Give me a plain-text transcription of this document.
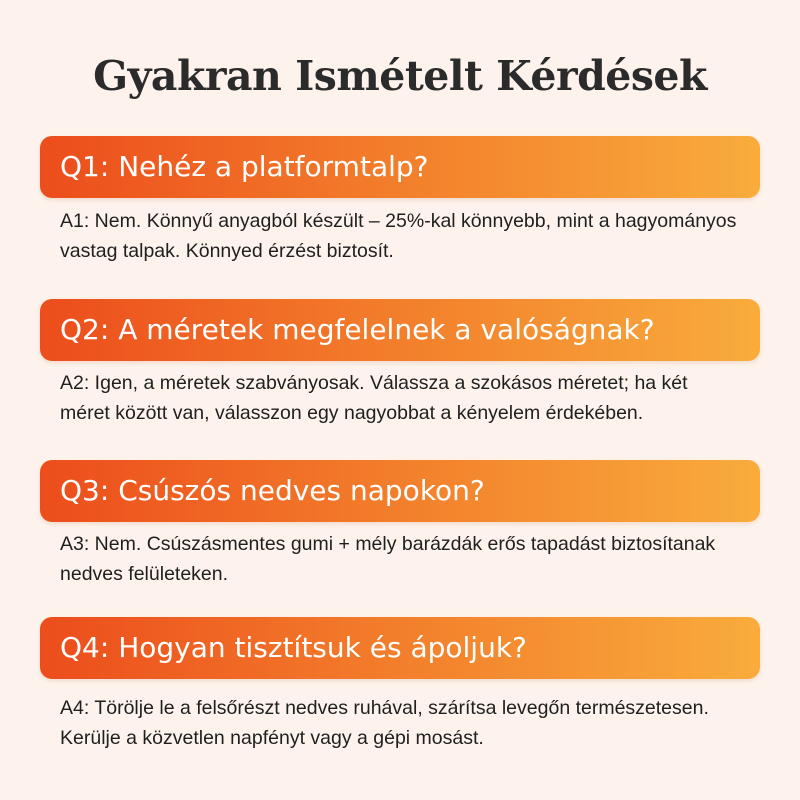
Gyakran Ismételt Kérdések
Q1: Nehéz a platformtalp?
A1: Nem. Könnyű anyagból készült – 25%-kal könnyebb, mint a hagyományos vastag talpak. Könnyed érzést biztosít.
Q2: A méretek megfelelnek a valóságnak?
A2: Igen, a méretek szabványosak. Válassza a szokásos méretet; ha két méret között van, válasszon egy nagyobbat a kényelem érdekében.
Q3: Csúszós nedves napokon?
A3: Nem. Csúszásmentes gumi + mély barázdák erős tapadást biztosítanak nedves felületeken.
Q4: Hogyan tisztítsuk és ápoljuk?
A4: Törölje le a felsőrészt nedves ruhával, szárítsa levegőn természetesen. Kerülje a közvetlen napfényt vagy a gépi mosást.
